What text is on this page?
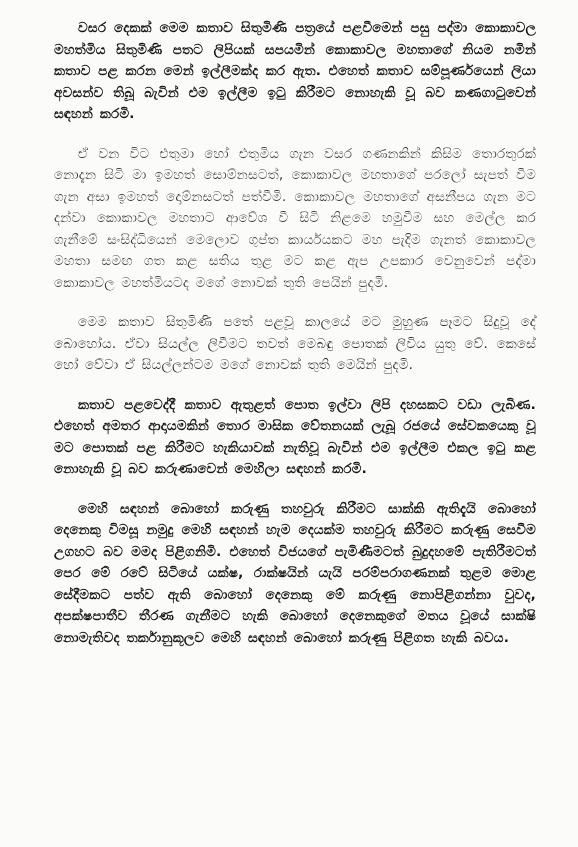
වසර දෙකක් මෙම කතාව සිතුමිණි පත්‍රයේ පළවීමෙන් පසු පද්මා කොකාවල මහත්මිය සිතුමිණි පතට ලිපියක් සපයමින් කොකාවල මහතාගේ නියම නමින් කතාව පළ කරන මෙන් ඉල්ලීමක්ද කර ඇත. එහෙත් කතාව සම්පූර්ණයෙන් ලියා අවසන්ව තිබූ බැවින් එම ඉල්ලීම ඉටු කිරීමට නොහැකි වූ බව කණගාටුවෙන් සඳහන් කරමි.

ඒ වන විට එතුමා හෝ එතුමිය ගැන වසර ගණනකින් කිසිම තොරතුරක් නොදැන සිටි මා ඉමහත් සොම්නසටත්, කොකාවල මහතාගේ පරලෝ සැපත් වීම ගැන අසා ඉමහත් දොම්නසටත් පත්වීමි. කොකාවල මහතාගේ අසනීපය ගැන මට දන්වා කොකාවල මහතාට ආවේශ වී සිටි නිළමෙ හමුවීම සහ මෙල්ල කර ගැනීමේ සංසිද්ධියෙන් මෙලොව ගුප්ත කාර්යයකට මහ පැදිම ගැනත් කොකාවල මහතා සමඟ ගත කළ සතිය තුළ මට කළ ඇප උපකාර වෙනුවෙන් පද්මා කොකාවල මහත්මියටද මගේ නොවක් තුති පෙයින් පුදමි.

මෙම කතාව සිතුමිණි පතේ පළවූ කාලයේ මට මුහුණ පෑමට සිදුවූ දේ බොහෝය. ඒවා සියල්ල ලිවීමට තවත් මෙබඳු පොතක් ලිවිය යුතු වේ. කෙසේ හෝ වේවා ඒ සියල්ලන්ටම මගේ නොවක් තුති මෙයින් පුදමි.

කතාව පළවෙද්දී කතාව ඇතුළත් පොත ඉල්වා ලිපි දහසකට වඩා ලැබිණ. එහෙත් අමතර ආදායමකින් තොර මාසික වේතනයක් ලැබූ රජයේ සේවකයෙකු වූ මට පොතක් පළ කිරීමට හැකියාවක් නැතිවූ බැවින් එම ඉල්ලීම එකල ඉටු කළ නොහැකි වූ බව කරුණාවෙන් මෙහිලා සඳහන් කරමි.

මෙහි සඳහන් බොහෝ කරුණු තහවුරු කිරීමට සාක්කි ඇතිදැයි බොහෝ දෙනෙකු විමසූ නමුදු මෙහි සඳහන් හැම දෙයක්ම තහවුරු කිරීමට කරුණු සෙවීම උගහට බව මමද පිළිගනිමි. එහෙත් විජයගේ පැමිණීමටත් බුදුදහමේ පැතිරීමටත් පෙර මේ රටේ සිටියේ යක්ෂ, රාක්ෂයින් යැයි පරම්පරාගණනක් තුළම මොළ සේදීමකට පත්ව ඇති බොහෝ දෙනෙකු මේ කරුණු නොපිළිගන්නා වුවද, අපක්ෂපාතීව තීරණ ගැනීමට හැකි බොහෝ දෙනෙකුගේ මතය වූයේ සාක්ෂි නොමැතිවද තර්කානුකූලව මෙහි සඳහන් බොහෝ කරුණු පිළිගත හැකි බවය.
